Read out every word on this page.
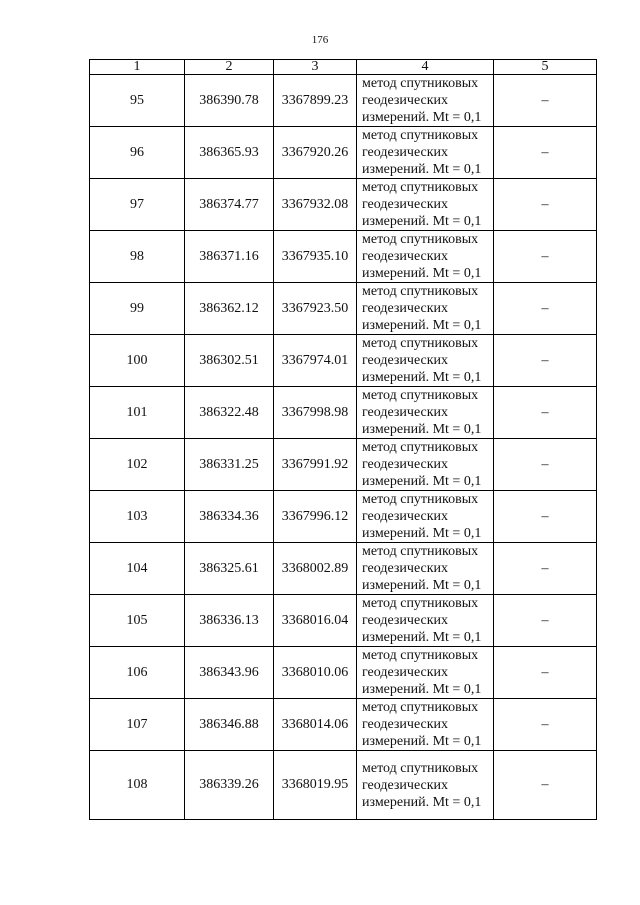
176
1	2	3	4	5
95	386390.78	3367899.23	метод спутниковых
геодезических
измерений. Mt = 0,1	–
96	386365.93	3367920.26	метод спутниковых
геодезических
измерений. Mt = 0,1	–
97	386374.77	3367932.08	метод спутниковых
геодезических
измерений. Mt = 0,1	–
98	386371.16	3367935.10	метод спутниковых
геодезических
измерений. Mt = 0,1	–
99	386362.12	3367923.50	метод спутниковых
геодезических
измерений. Mt = 0,1	–
100	386302.51	3367974.01	метод спутниковых
геодезических
измерений. Mt = 0,1	–
101	386322.48	3367998.98	метод спутниковых
геодезических
измерений. Mt = 0,1	–
102	386331.25	3367991.92	метод спутниковых
геодезических
измерений. Mt = 0,1	–
103	386334.36	3367996.12	метод спутниковых
геодезических
измерений. Mt = 0,1	–
104	386325.61	3368002.89	метод спутниковых
геодезических
измерений. Mt = 0,1	–
105	386336.13	3368016.04	метод спутниковых
геодезических
измерений. Mt = 0,1	–
106	386343.96	3368010.06	метод спутниковых
геодезических
измерений. Mt = 0,1	–
107	386346.88	3368014.06	метод спутниковых
геодезических
измерений. Mt = 0,1	–
108	386339.26	3368019.95	метод спутниковых
геодезических
измерений. Mt = 0,1	–
